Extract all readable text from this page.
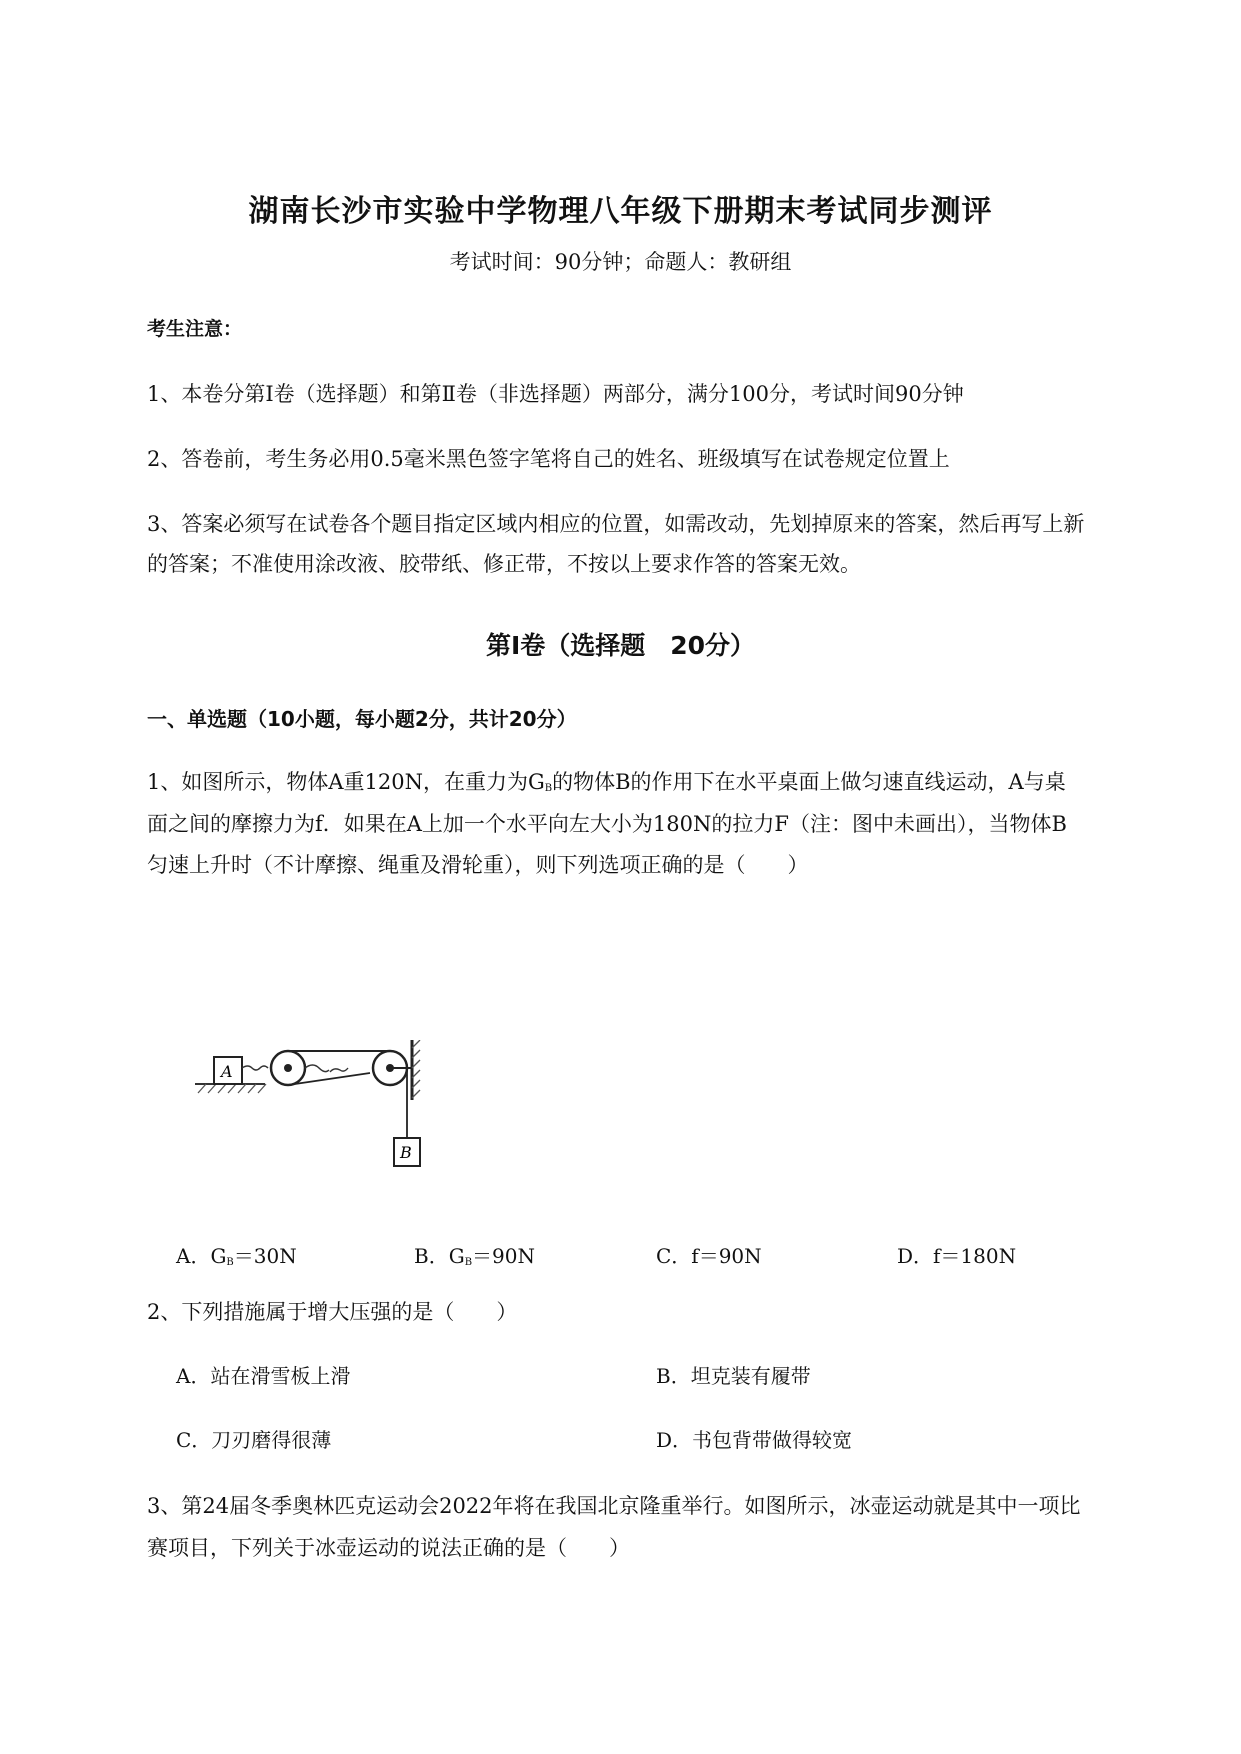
湖南长沙市实验中学物理八年级下册期末考试同步测评
考试时间：90分钟；命题人：教研组
考生注意：
1、本卷分第I卷（选择题）和第Ⅱ卷（非选择题）两部分，满分100分，考试时间90分钟
2、答卷前，考生务必用0.5毫米黑色签字笔将自己的姓名、班级填写在试卷规定位置上
3、答案必须写在试卷各个题目指定区域内相应的位置，如需改动，先划掉原来的答案，然后再写上新
的答案；不准使用涂改液、胶带纸、修正带，不按以上要求作答的答案无效。
第I卷（选择题　20分）
一、单选题（10小题，每小题2分，共计20分）
1、如图所示，物体A重120N，在重力为$G_B$的物体B的作用下在水平桌面上做匀速直线运动，A与桌
面之间的摩擦力为f．如果在A上加一个水平向左大小为180N的拉力F（注：图中未画出），当物体B
匀速上升时（不计摩擦、绳重及滑轮重），则下列选项正确的是（　　）
A
B
A．$G_B=30N$	B．$G_B=90N$	C．f＝90N	D．f＝180N
2、下列措施属于增大压强的是（　　）
A．站在滑雪板上滑	B．坦克装有履带
C．刀刃磨得很薄	D．书包背带做得较宽
3、第24届冬季奥林匹克运动会2022年将在我国北京隆重举行。如图所示，冰壶运动就是其中一项比
赛项目，下列关于冰壶运动的说法正确的是（　　）
